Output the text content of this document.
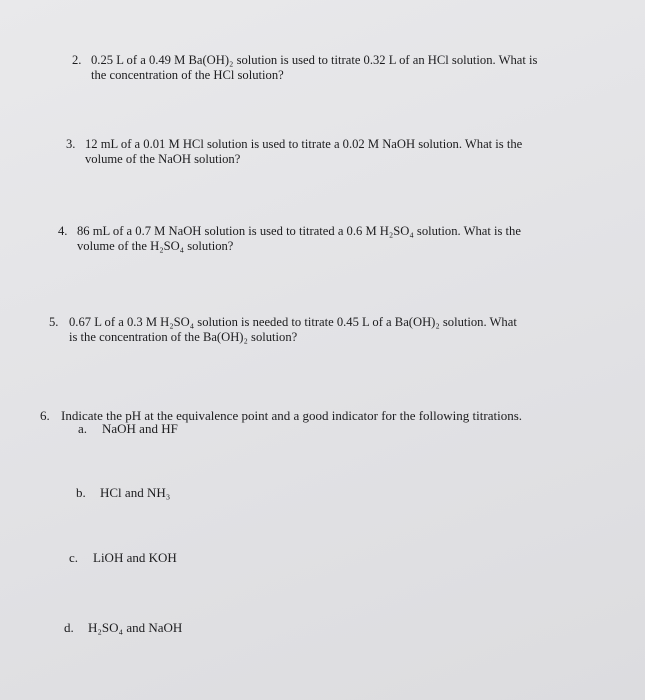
2. 0.25 L of a 0.49 M Ba(OH)₂ solution is used to titrate 0.32 L of an HCl solution. What is
the concentration of the HCl solution?
3. 12 mL of a 0.01 M HCl solution is used to titrate a 0.02 M NaOH solution. What is the
volume of the NaOH solution?
4. 86 mL of a 0.7 M NaOH solution is used to titrated a 0.6 M H₂SO₄ solution. What is the
volume of the H₂SO₄ solution?
5. 0.67 L of a 0.3 M H₂SO₄ solution is needed to titrate 0.45 L of a Ba(OH)₂ solution. What
is the concentration of the Ba(OH)₂ solution?
6. Indicate the pH at the equivalence point and a good indicator for the following titrations.
a. NaOH and HF
b. HCl and NH₃
c. LiOH and KOH
d. H₂SO₄ and NaOH
